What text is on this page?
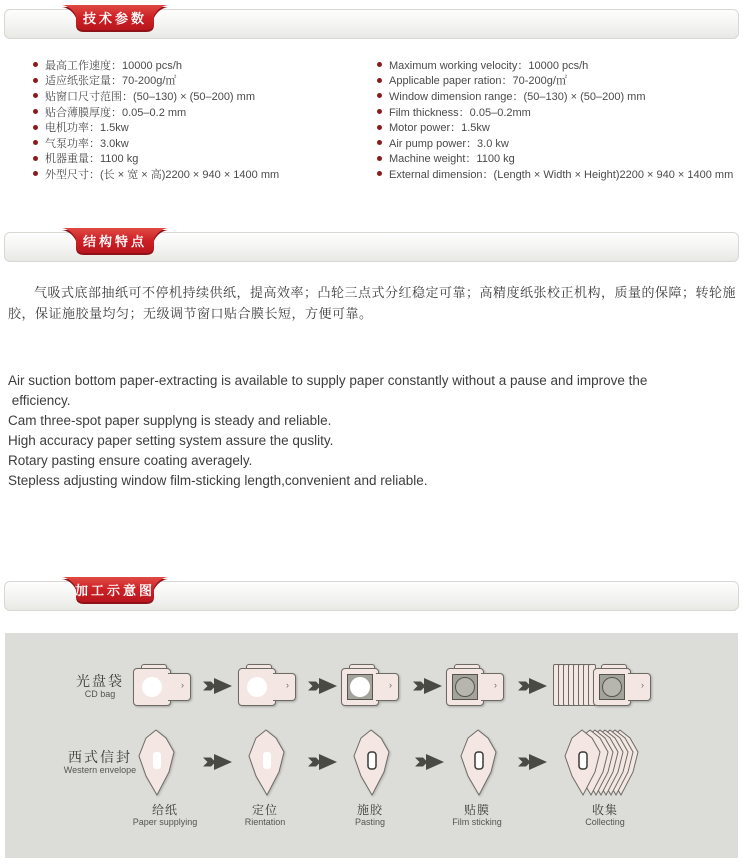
技术参数
最高工作速度：10000 pcs/h
适应纸张定量：70-200g/㎡
贴窗口尺寸范围：(50–130) × (50–200) mm
贴合薄膜厚度：0.05–0.2 mm
电机功率：1.5kw
气泵功率：3.0kw
机器重量：1100 kg
外型尺寸：(长 × 宽 × 高)2200 × 940 × 1400 mm
Maximum working velocity：10000 pcs/h
Applicable paper ration：70-200g/㎡
Window dimension range：(50–130) × (50–200) mm
Film thickness：0.05–0.2mm
Motor power：1.5kw
Air pump power：3.0 kw
Machine weight：1100 kg
External dimension：(Length × Width × Height)2200 × 940 × 1400 mm
结构特点
气吸式底部抽纸可不停机持续供纸，提高效率；凸轮三点式分红稳定可靠；高精度纸张校正机构，质量的保障；转轮施胶，保证施胶量均匀；无级调节窗口贴合膜长短，方便可靠。
Air suction bottom paper-extracting is available to supply paper constantly without a pause and improve the
efficiency.
Cam three-spot paper supplyng is steady and reliable.
High accuracy paper setting system assure the quslity.
Rotary pasting ensure coating averagely.
Stepless adjusting window film-sticking length,convenient and reliable.
加工示意图
光盘袋
CD bag
›	›	›	›	›
西式信封
Western envelope
给纸
Paper supplying
定位
Rientation
施胶
Pasting
贴膜
Film sticking
收集
Collecting
